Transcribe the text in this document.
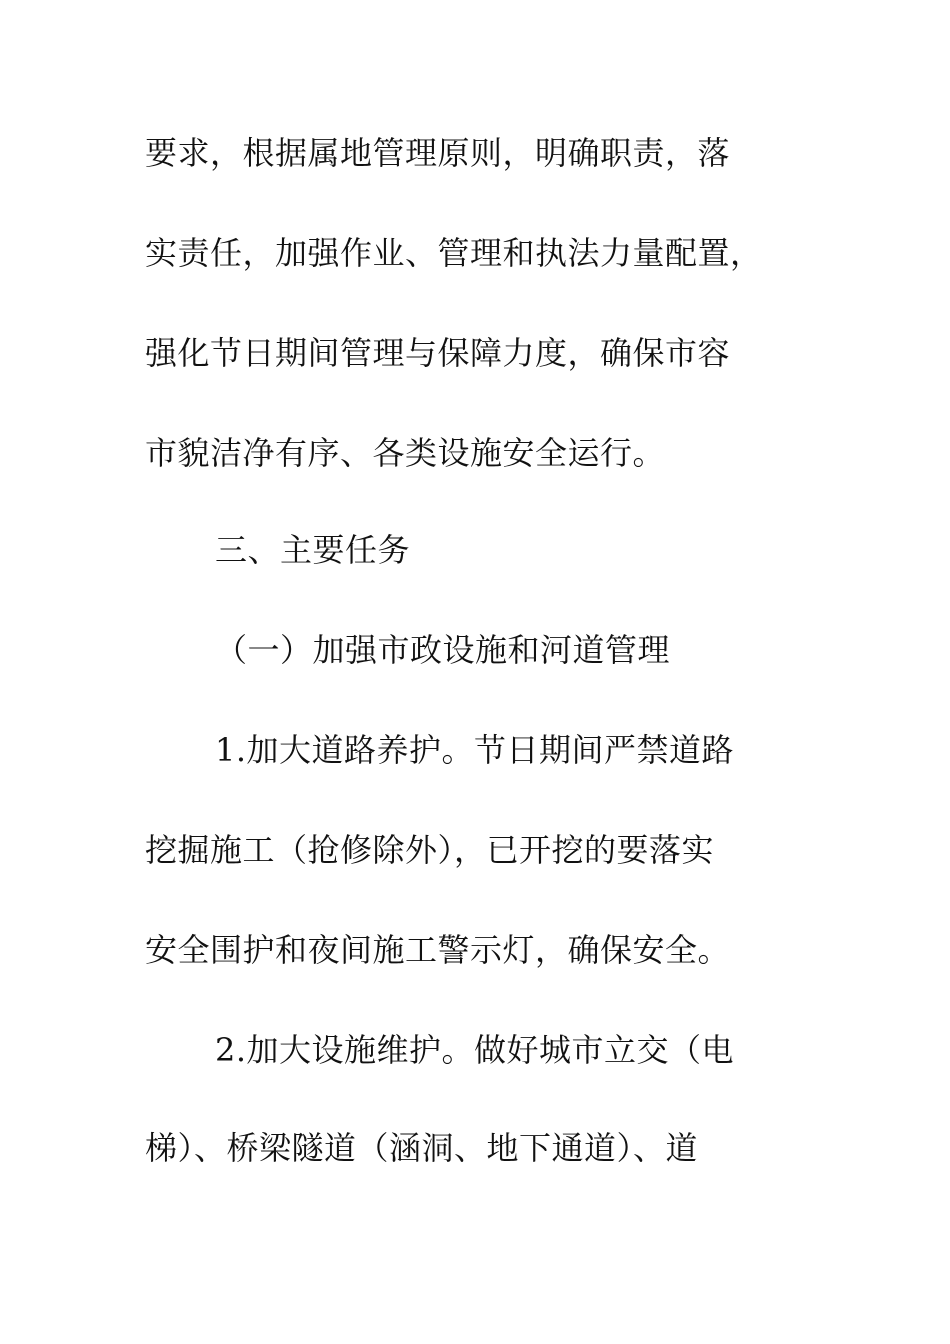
要求，根据属地管理原则，明确职责，落
实责任，加强作业、管理和执法力量配置，
强化节日期间管理与保障力度，确保市容
市貌洁净有序、各类设施安全运行。
三、主要任务
（一）加强市政设施和河道管理
1.加大道路养护。节日期间严禁道路
挖掘施工（抢修除外），已开挖的要落实
安全围护和夜间施工警示灯，确保安全。
2.加大设施维护。做好城市立交（电
梯）、桥梁隧道（涵洞、地下通道）、道
